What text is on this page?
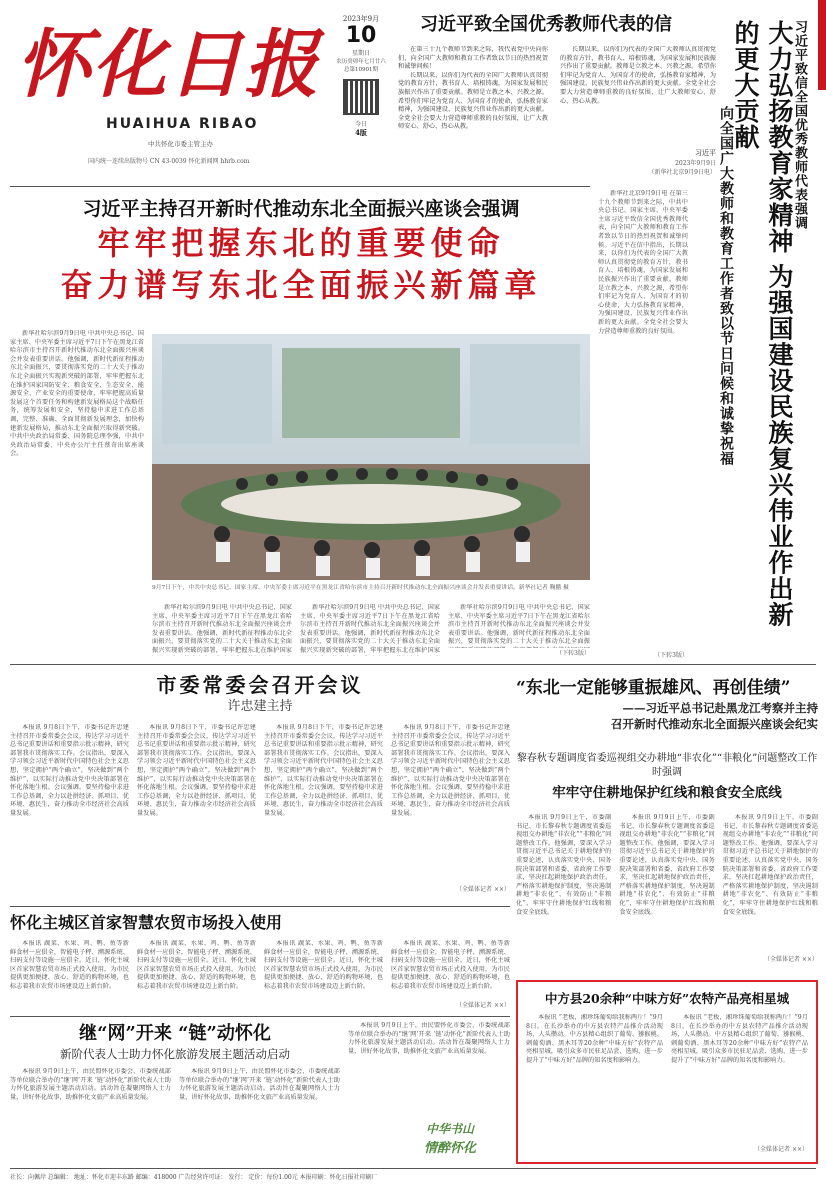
怀化日报
HUAIHUA RIBAO
中共怀化市委主管主办
国内统一连续出版物号 CN 43-0039 怀化新闻网 hhrb.com
2023年9月
10
星期日
农历癸卯年七月廿六
总第10901期
今日
4版
习近平致全国优秀教师代表的信
在第三十九个教师节到来之际，我代表党中央向你们，向全国广大教师和教育工作者致以节日的热烈祝贺和诚挚问候！
长期以来，以你们为代表的全国广大教师认真贯彻党的教育方针，教书育人、培根铸魂，为国家发展和民族振兴作出了重要贡献。教师是立教之本、兴教之源。希望你们牢记为党育人、为国育才的使命，弘扬教育家精神，为强国建设、民族复兴伟业作出新的更大贡献。全党全社会要大力营造尊师重教的良好氛围，让广大教师安心、舒心、热心从教。
长期以来，以你们为代表的全国广大教师认真贯彻党的教育方针，教书育人、培根铸魂，为国家发展和民族振兴作出了重要贡献。教师是立教之本、兴教之源。希望你们牢记为党育人、为国育才的使命，弘扬教育家精神，为强国建设、民族复兴伟业作出新的更大贡献。全党全社会要大力营造尊师重教的良好氛围，让广大教师安心、舒心、热心从教。
习近平
2023年9月9日
（新华社北京9月9日电）	习近平致信全国优秀教师代表强调
大力弘扬教育家精神 为强国建设民族复兴伟业作出新的更大贡献
向全国广大教师和教育工作者致以节日问候和诚挚祝福
新华社北京9月9日电 在第三十九个教师节到来之际，中共中央总书记、国家主席、中央军委主席习近平致信全国优秀教师代表，向全国广大教师和教育工作者致以节日的热烈祝贺和诚挚问候。习近平在信中指出，长期以来，以你们为代表的全国广大教师认真贯彻党的教育方针，教书育人、培根铸魂，为国家发展和民族振兴作出了重要贡献。教师是立教之本、兴教之源，希望你们牢记为党育人、为国育才的初心使命，大力弘扬教育家精神，为强国建设、民族复兴伟业作出新的更大贡献。全党全社会要大力营造尊师重教的良好氛围。
（下转3版）
习近平主持召开新时代推动东北全面振兴座谈会强调
牢牢把握东北的重要使命
奋力谱写东北全面振兴新篇章
新华社哈尔滨9月9日电 中共中央总书记、国家主席、中央军委主席习近平7日下午在黑龙江省哈尔滨市主持召开新时代推动东北全面振兴座谈会并发表重要讲话。他强调，新时代新征程推动东北全面振兴，要贯彻落实党的二十大关于推动东北全面振兴实现新突破的部署，牢牢把握东北在维护国家国防安全、粮食安全、生态安全、能源安全、产业安全的重要使命，牢牢把握高质量发展这个首要任务和构建新发展格局这个战略任务，统筹发展和安全，坚持稳中求进工作总基调，完整、准确、全面贯彻新发展理念，加快构建新发展格局，推动东北全面振兴取得新突破。中共中央政治局常委、国务院总理李强，中共中央政治局常委、中央办公厅主任蔡奇出席座谈会。
9月7日下午，中共中央总书记、国家主席、中央军委主席习近平在黑龙江省哈尔滨市主持召开新时代推动东北全面振兴座谈会并发表重要讲话。新华社记者 鞠鹏 摄
新华社哈尔滨9月9日电 中共中央总书记、国家主席、中央军委主席习近平7日下午在黑龙江省哈尔滨市主持召开新时代推动东北全面振兴座谈会并发表重要讲话。他强调，新时代新征程推动东北全面振兴，要贯彻落实党的二十大关于推动东北全面振兴实现新突破的部署，牢牢把握东北在维护国家
新华社哈尔滨9月9日电 中共中央总书记、国家主席、中央军委主席习近平7日下午在黑龙江省哈尔滨市主持召开新时代推动东北全面振兴座谈会并发表重要讲话。他强调，新时代新征程推动东北全面振兴，要贯彻落实党的二十大关于推动东北全面振兴实现新突破的部署，牢牢把握东北在维护国家
新华社哈尔滨9月9日电 中共中央总书记、国家主席、中央军委主席习近平7日下午在黑龙江省哈尔滨市主持召开新时代推动东北全面振兴座谈会并发表重要讲话。他强调，新时代新征程推动东北全面振兴，要贯彻落实党的二十大关于推动东北全面振
（下转3版）
市委常委会召开会议
许忠建主持
本报讯 9月8日下午，市委书记许忠建主持召开市委常委会会议，传达学习习近平总书记重要讲话和重要指示批示精神，研究部署我市贯彻落实工作。会议指出，要深入学习领会习近平新时代中国特色社会主义思想，坚定拥护“两个确立”，坚决做到“两个维护”，以实际行动推动党中央决策部署在怀化落地生根。会议强调，要坚持稳中求进工作总基调，全力以赴拼经济、抓项目、优环境、惠民生，奋力推动全市经济社会高质量发展。
本报讯 9月8日下午，市委书记许忠建主持召开市委常委会会议，传达学习习近平总书记重要讲话和重要指示批示精神，研究部署我市贯彻落实工作。会议指出，要深入学习领会习近平新时代中国特色社会主义思想，坚定拥护“两个确立”，坚决做到“两个维护”，以实际行动推动党中央决策部署在怀化落地生根。会议强调，要坚持稳中求进工作总基调，全力以赴拼经济、抓项目、优环境、惠民生，奋力推动全市经济社会高质量发展。
本报讯 9月8日下午，市委书记许忠建主持召开市委常委会会议，传达学习习近平总书记重要讲话和重要指示批示精神，研究部署我市贯彻落实工作。会议指出，要深入学习领会习近平新时代中国特色社会主义思想，坚定拥护“两个确立”，坚决做到“两个维护”，以实际行动推动党中央决策部署在怀化落地生根。会议强调，要坚持稳中求进工作总基调，全力以赴拼经济、抓项目、优环境、惠民生，奋力推动全市经济社会高质量发展。
本报讯 9月8日下午，市委书记许忠建主持召开市委常委会会议，传达学习习近平总书记重要讲话和重要指示批示精神，研究部署我市贯彻落实工作。会议指出，要深入学习领会习近平新时代中国特色社会主义思想，坚定拥护“两个确立”，坚决做到“两个维护”，以实际行动推动党中央决策部署在怀化落地生根。会议强调，要坚持稳中求进工作总基调，全力以赴拼经济、抓项目、优环境、惠民生，奋力推动全市经济社会高质量发展。
（全媒体记者 ××）
“东北一定能够重振雄风、再创佳绩”
——习近平总书记赴黑龙江考察并主持
召开新时代推动东北全面振兴座谈会纪实
黎春秋专题调度省委巡视组交办耕地“非农化”“非粮化”问题整改工作时强调
牢牢守住耕地保护红线和粮食安全底线
本报讯 9月9日上午，市委副书记、市长黎春秋专题调度省委巡视组交办耕地“非农化”“非粮化”问题整改工作。他强调，要深入学习贯彻习近平总书记关于耕地保护的重要论述，认真落实党中央、国务院决策部署和省委、省政府工作要求，坚决扛起耕地保护政治责任，严格落实耕地保护制度，坚决遏制耕地“非农化”、有效防止“非粮化”，牢牢守住耕地保护红线和粮食安全底线。
本报讯 9月9日上午，市委副书记、市长黎春秋专题调度省委巡视组交办耕地“非农化”“非粮化”问题整改工作。他强调，要深入学习贯彻习近平总书记关于耕地保护的重要论述，认真落实党中央、国务院决策部署和省委、省政府工作要求，坚决扛起耕地保护政治责任，严格落实耕地保护制度，坚决遏制耕地“非农化”、有效防止“非粮化”，牢牢守住耕地保护红线和粮食安全底线。
本报讯 9月9日上午，市委副书记、市长黎春秋专题调度省委巡视组交办耕地“非农化”“非粮化”问题整改工作。他强调，要深入学习贯彻习近平总书记关于耕地保护的重要论述，认真落实党中央、国务院决策部署和省委、省政府工作要求，坚决扛起耕地保护政治责任，严格落实耕地保护制度，坚决遏制耕地“非农化”、有效防止“非粮化”，牢牢守住耕地保护红线和粮食安全底线。
（全媒体记者 ××）
怀化主城区首家智慧农贸市场投入使用
本报讯 蔬菜、水果、鸡、鸭、鱼等新鲜食材一应俱全，智能电子秤、溯源系统、扫码支付等设施一应俱全。近日，怀化主城区首家智慧农贸市场正式投入使用，为市民提供更加便捷、放心、舒适的购物环境，也标志着我市农贸市场建设迈上新台阶。
本报讯 蔬菜、水果、鸡、鸭、鱼等新鲜食材一应俱全，智能电子秤、溯源系统、扫码支付等设施一应俱全。近日，怀化主城区首家智慧农贸市场正式投入使用，为市民提供更加便捷、放心、舒适的购物环境，也标志着我市农贸市场建设迈上新台阶。
本报讯 蔬菜、水果、鸡、鸭、鱼等新鲜食材一应俱全，智能电子秤、溯源系统、扫码支付等设施一应俱全。近日，怀化主城区首家智慧农贸市场正式投入使用，为市民提供更加便捷、放心、舒适的购物环境，也标志着我市农贸市场建设迈上新台阶。
本报讯 蔬菜、水果、鸡、鸭、鱼等新鲜食材一应俱全，智能电子秤、溯源系统、扫码支付等设施一应俱全。近日，怀化主城区首家智慧农贸市场正式投入使用，为市民提供更加便捷、放心、舒适的购物环境，也标志着我市农贸市场建设迈上新台阶。
（全媒体记者 ××）
继“网”开来 “链”动怀化
新阶代表人士助力怀化旅游发展主题活动启动
本报讯 9月9日上午，由民盟怀化市委会、市委统战部等单位联合举办的“继‘网’开来 ‘链’动怀化”新阶代表人士助力怀化旅游发展主题活动启动。活动旨在凝聚网络人士力量，讲好怀化故事，助推怀化文旅产业高质量发展。
本报讯 9月9日上午，由民盟怀化市委会、市委统战部等单位联合举办的“继‘网’开来 ‘链’动怀化”新阶代表人士助力怀化旅游发展主题活动启动。活动旨在凝聚网络人士力量，讲好怀化故事，助推怀化文旅产业高质量发展。
本报讯 9月9日上午，由民盟怀化市委会、市委统战部等单位联合举办的“继‘网’开来 ‘链’动怀化”新阶代表人士助力怀化旅游发展主题活动启动。活动旨在凝聚网络人士力量，讲好怀化故事，助推怀化文旅产业高质量发展。
中华书山
情醉怀化
中方县20余种“中味方好”农特产品亮相星城
本报讯 “老板，湘珍珠葡萄给我称两斤！”9月8日，在长沙举办的中方县农特产品推介活动现场，人头攒动。中方县精心组织了葡萄、猕猴桃、刺葡萄酒、黑木耳等20余种“中味方好”农特产品亮相星城，吸引众多市民驻足品尝、选购，进一步提升了“中味方好”品牌的知名度和影响力。
本报讯 “老板，湘珍珠葡萄给我称两斤！”9月8日，在长沙举办的中方县农特产品推介活动现场，人头攒动。中方县精心组织了葡萄、猕猴桃、刺葡萄酒、黑木耳等20余种“中味方好”农特产品亮相星城，吸引众多市民驻足品尝、选购，进一步提升了“中味方好”品牌的知名度和影响力。
（全媒体记者 ××）
社长：向佩岸 总编辑： 地址：怀化市迎丰东路 邮编：418000 广告经营许可证： 发行： 定价：每份1.00元 本报印刷：怀化日报社印刷厂
